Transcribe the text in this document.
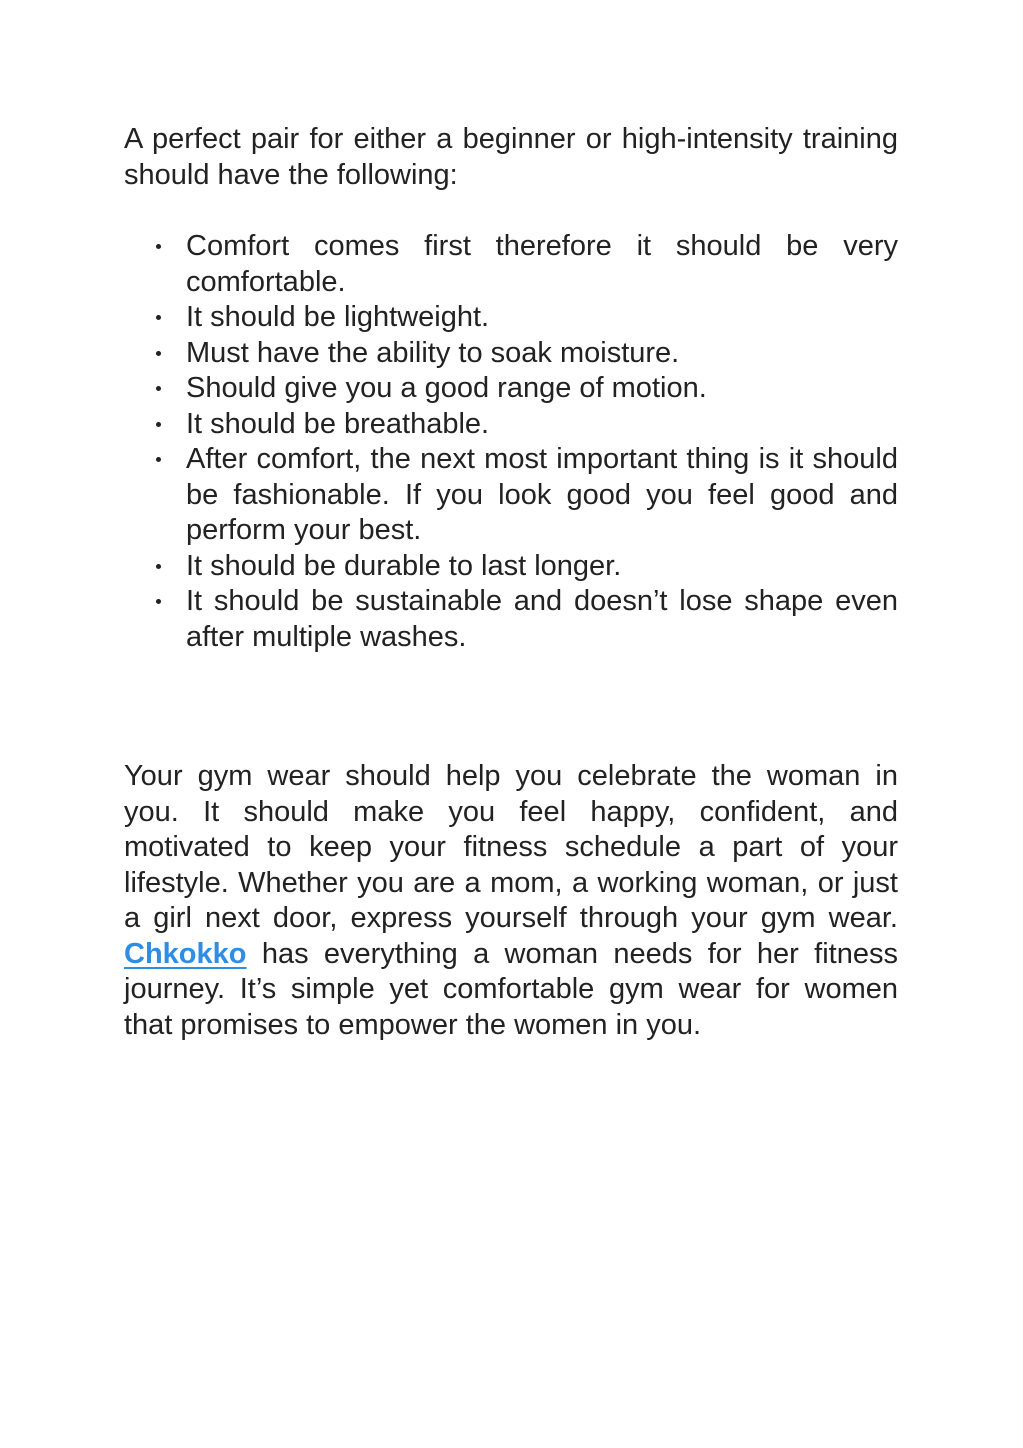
A perfect pair for either a beginner or high-intensity training should have the following:

Comfort comes first therefore it should be very comfortable.
It should be lightweight.
Must have the ability to soak moisture.
Should give you a good range of motion.
It should be breathable.
After comfort, the next most important thing is it should be fashionable. If you look good you feel good and perform your best.
It should be durable to last longer.
It should be sustainable and doesn’t lose shape even after multiple washes.

Your gym wear should help you celebrate the woman in you. It should make you feel happy, confident, and motivated to keep your fitness schedule a part of your lifestyle. Whether you are a mom, a working woman, or just a girl next door, express yourself through your gym wear. Chkokko has everything a woman needs for her fitness journey. It’s simple yet comfortable gym wear for women that promises to empower the women in you.
